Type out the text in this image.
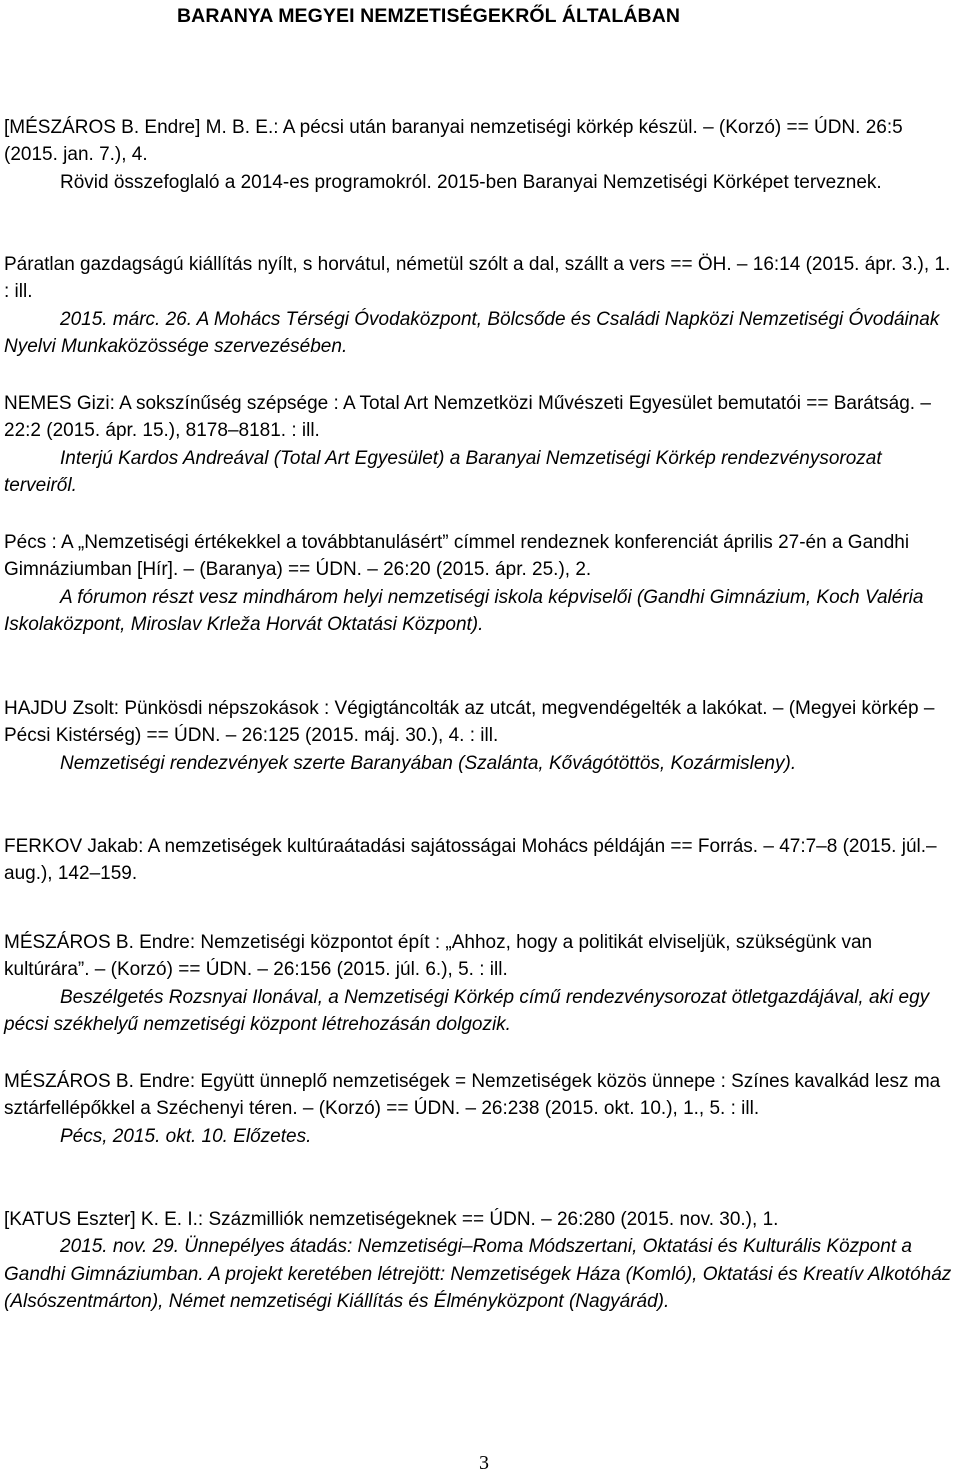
BARANYA MEGYEI NEMZETISÉGEKRŐL ÁLTALÁBAN

[MÉSZÁROS B. Endre] M. B. E.: A pécsi után baranyai nemzetiségi körkép készül. – (Korzó) == ÚDN. 26:5 (2015. jan. 7.), 4.

Rövid összefoglaló a 2014-es programokról. 2015-ben Baranyai Nemzetiségi Körképet terveznek.

Páratlan gazdagságú kiállítás nyílt, s horvátul, németül szólt a dal, szállt a vers == ÖH. – 16:14 (2015. ápr. 3.), 1. : ill.

2015. márc. 26. A Mohács Térségi Óvodaközpont, Bölcsőde és Családi Napközi Nemzetiségi Óvodáinak Nyelvi Munkaközössége szervezésében.

NEMES Gizi: A sokszínűség szépsége : A Total Art Nemzetközi Művészeti Egyesület bemutatói == Barátság. – 22:2 (2015. ápr. 15.), 8178–8181. : ill.

Interjú Kardos Andreával (Total Art Egyesület) a Baranyai Nemzetiségi Körkép rendezvénysorozat terveiről.

Pécs : A „Nemzetiségi értékekkel a továbbtanulásért” címmel rendeznek konferenciát április 27-én a Gandhi Gimnáziumban [Hír]. – (Baranya) == ÚDN. – 26:20 (2015. ápr. 25.), 2.

A fórumon részt vesz mindhárom helyi nemzetiségi iskola képviselői (Gandhi Gimnázium, Koch Valéria Iskolaközpont, Miroslav Krleža Horvát Oktatási Központ).

HAJDU Zsolt: Pünkösdi népszokások : Végigtáncolták az utcát, megvendégelték a lakókat. – (Megyei körkép – Pécsi Kistérség) == ÚDN. – 26:125 (2015. máj. 30.), 4. : ill.

Nemzetiségi rendezvények szerte Baranyában (Szalánta, Kővágótöttös, Kozármisleny).

FERKOV Jakab: A nemzetiségek kultúraátadási sajátosságai Mohács példáján == Forrás. – 47:7–8 (2015. júl.–aug.), 142–159.

MÉSZÁROS B. Endre: Nemzetiségi központot épít : „Ahhoz, hogy a politikát elviseljük, szükségünk van kultúrára”. – (Korzó) == ÚDN. – 26:156 (2015. júl. 6.), 5. : ill.

Beszélgetés Rozsnyai Ilonával, a Nemzetiségi Körkép című rendezvénysorozat ötletgazdájával, aki egy pécsi székhelyű nemzetiségi központ létrehozásán dolgozik.

MÉSZÁROS B. Endre: Együtt ünneplő nemzetiségek = Nemzetiségek közös ünnepe : Színes kavalkád lesz ma sztárfellépőkkel a Széchenyi téren. – (Korzó) == ÚDN. – 26:238 (2015. okt. 10.), 1., 5. : ill.

Pécs, 2015. okt. 10. Előzetes.

[KATUS Eszter] K. E. I.: Százmilliók nemzetiségeknek == ÚDN. – 26:280 (2015. nov. 30.), 1.

2015. nov. 29. Ünnepélyes átadás: Nemzetiségi–Roma Módszertani, Oktatási és Kulturális Központ a Gandhi Gimnáziumban. A projekt keretében létrejött: Nemzetiségek Háza (Komló), Oktatási és Kreatív Alkotóház (Alsószentmárton), Német nemzetiségi Kiállítás és Élményközpont (Nagyárád).

3
